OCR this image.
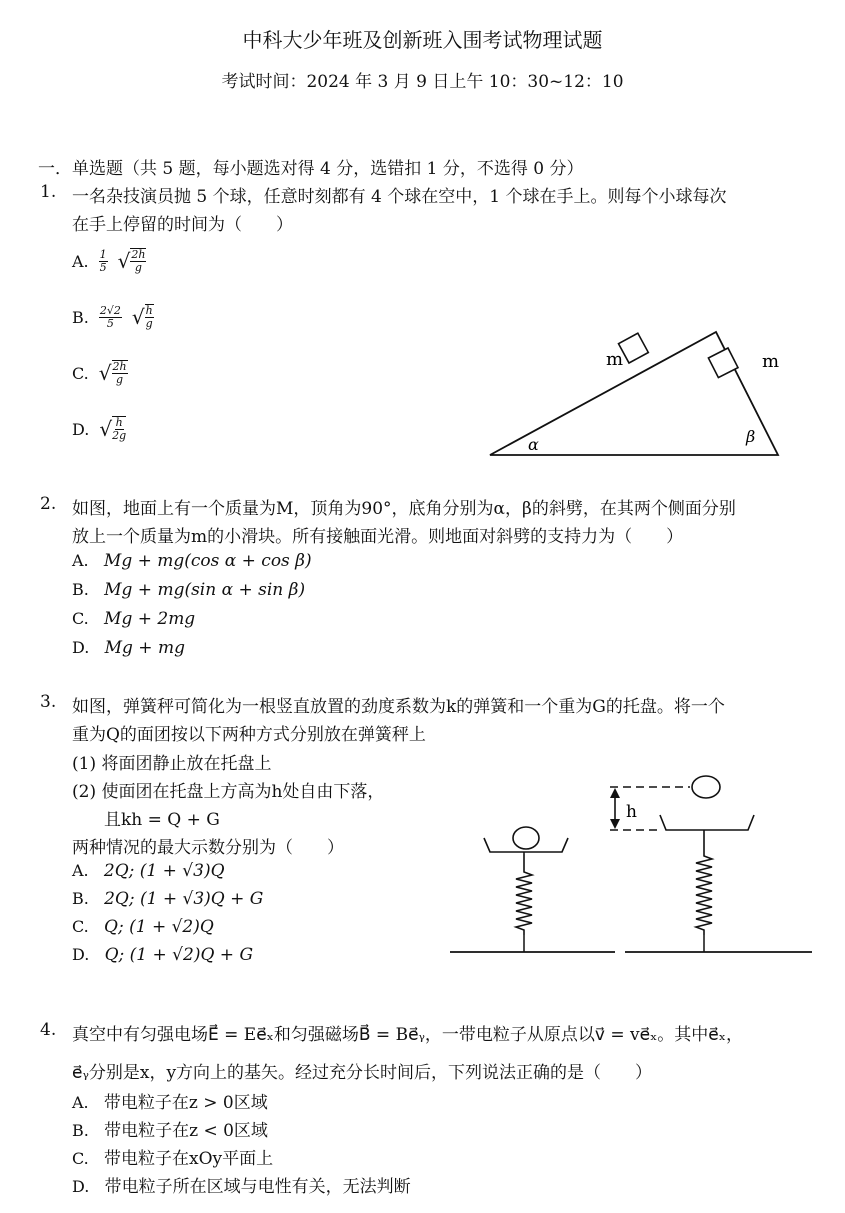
中科大少年班及创新班入围考试物理试题
考试时间：2024 年 3 月 9 日上午 10：30~12：10
一．单选题（共 5 题，每小题选对得 4 分，选错扣 1 分，不选得 0 分）
1. 一名杂技演员抛 5 个球，任意时刻都有 4 个球在空中，1 个球在手上。则每个小球每次
在手上停留的时间为（　　）
A. $\frac{1}{5}$ √ $\frac{2h}{g}$
B. $\frac{2√2}{5}$ √ $\frac{h}{g}$
C. √ $\frac{2h}{g}$
D. √ $\frac{h}{2g}$
m	m
α	β
2. 如图，地面上有一个质量为M，顶角为90°，底角分别为α，β的斜劈，在其两个侧面分别
放上一个质量为m的小滑块。所有接触面光滑。则地面对斜劈的支持力为（　　）
A. Mg + mg(cos α + cos β)
B. Mg + mg(sin α + sin β)
C. Mg + 2mg
D. Mg + mg
3. 如图，弹簧秤可简化为一根竖直放置的劲度系数为k的弹簧和一个重为G的托盘。将一个
重为Q的面团按以下两种方式分别放在弹簧秤上
(1) 将面团静止放在托盘上
(2) 使面团在托盘上方高为h处自由下落，
且kh = Q + G
两种情况的最大示数分别为（　　）
A. 2Q; (1 + √3)Q
B. 2Q; (1 + √3)Q + G
C. Q; (1 + √2)Q
D. Q; (1 + √2)Q + G
h
4. 真空中有匀强电场E⃗ = Ee⃗ₓ和匀强磁场B⃗ = Be⃗ᵧ，一带电粒子从原点以v⃗ = ve⃗ₓ。其中e⃗ₓ，
e⃗ᵧ分别是x，y方向上的基矢。经过充分长时间后，下列说法正确的是（　　）
A. 带电粒子在z > 0区域
B. 带电粒子在z < 0区域
C. 带电粒子在xOy平面上
D. 带电粒子所在区域与电性有关，无法判断
